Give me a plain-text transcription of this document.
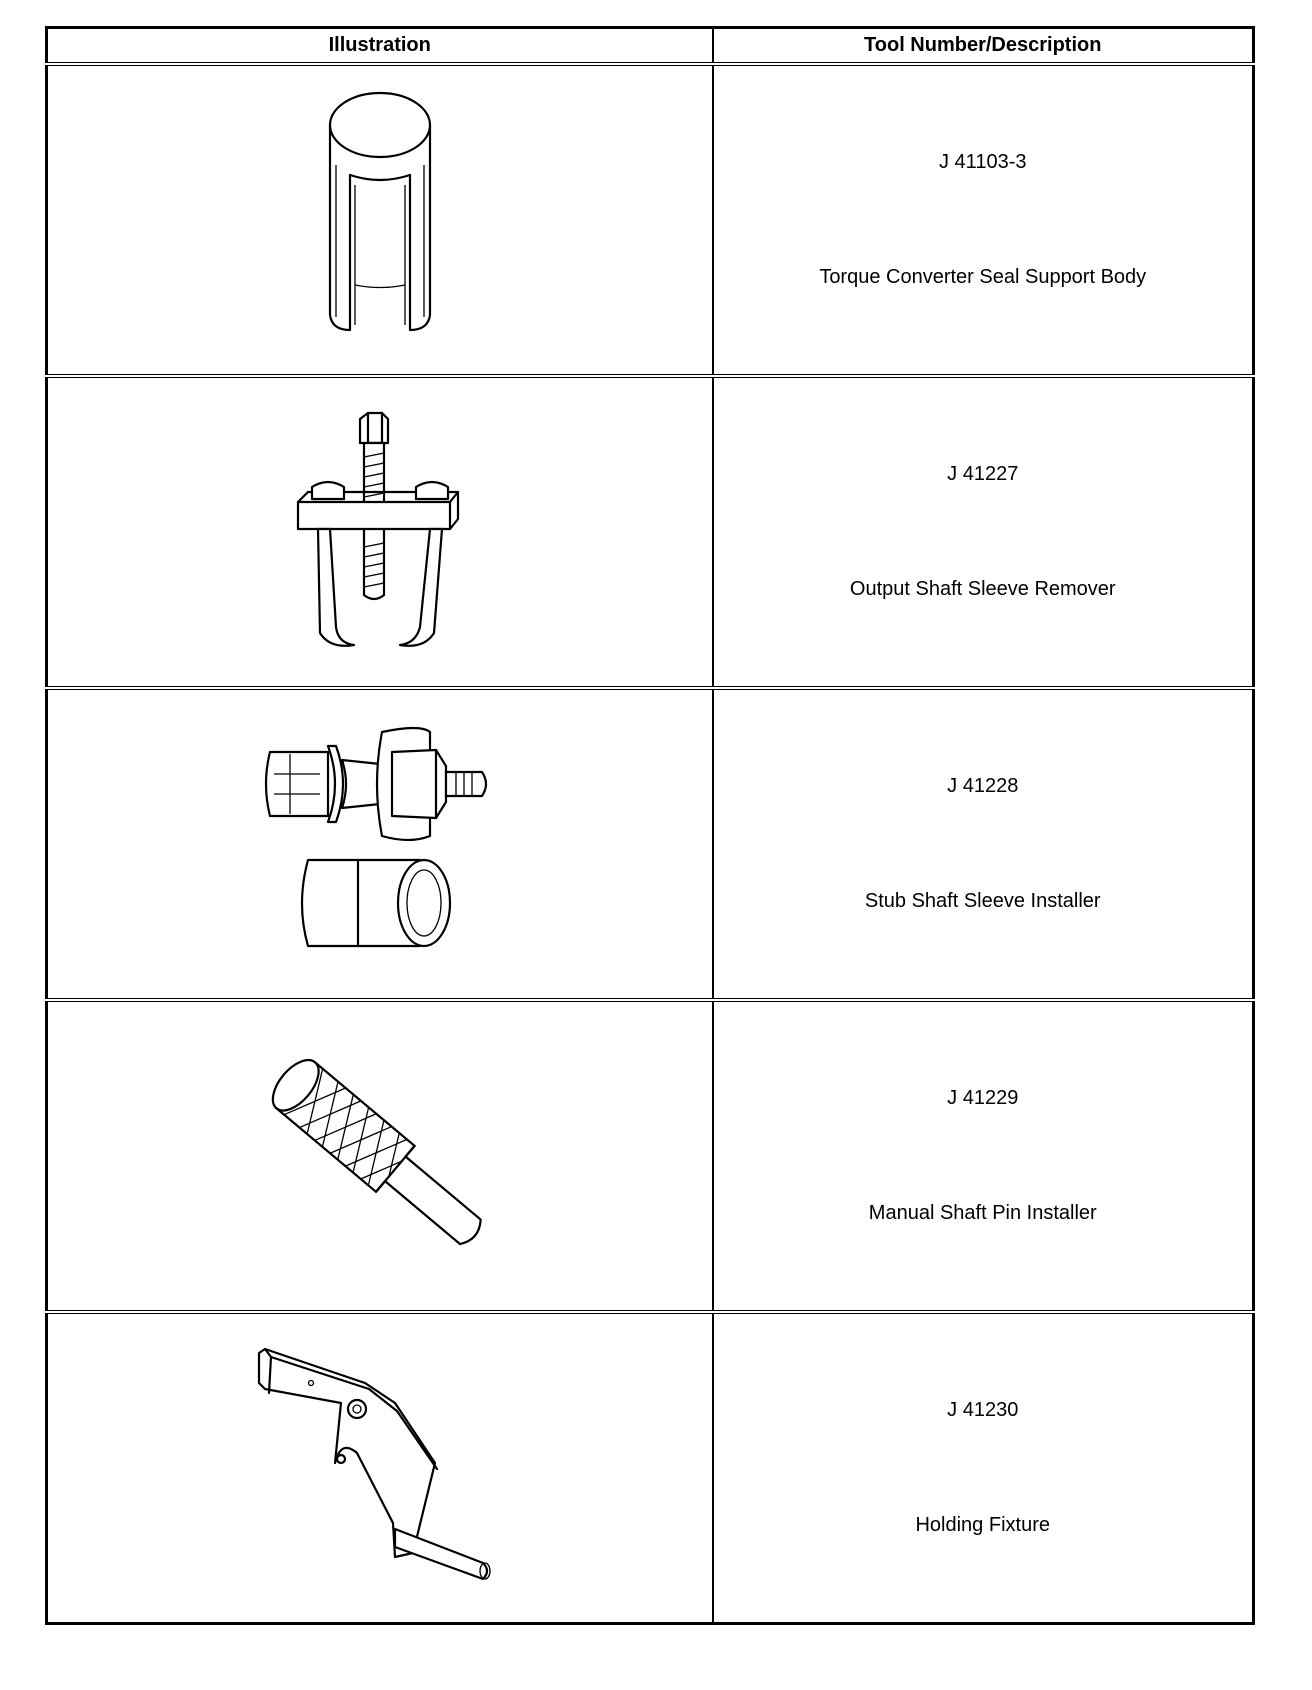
Illustration	Tool Number/Description

J 41103-3
Torque Converter Seal Support Body

J 41227
Output Shaft Sleeve Remover

J 41228
Stub Shaft Sleeve Installer

J 41229
Manual Shaft Pin Installer

J 41230
Holding Fixture
